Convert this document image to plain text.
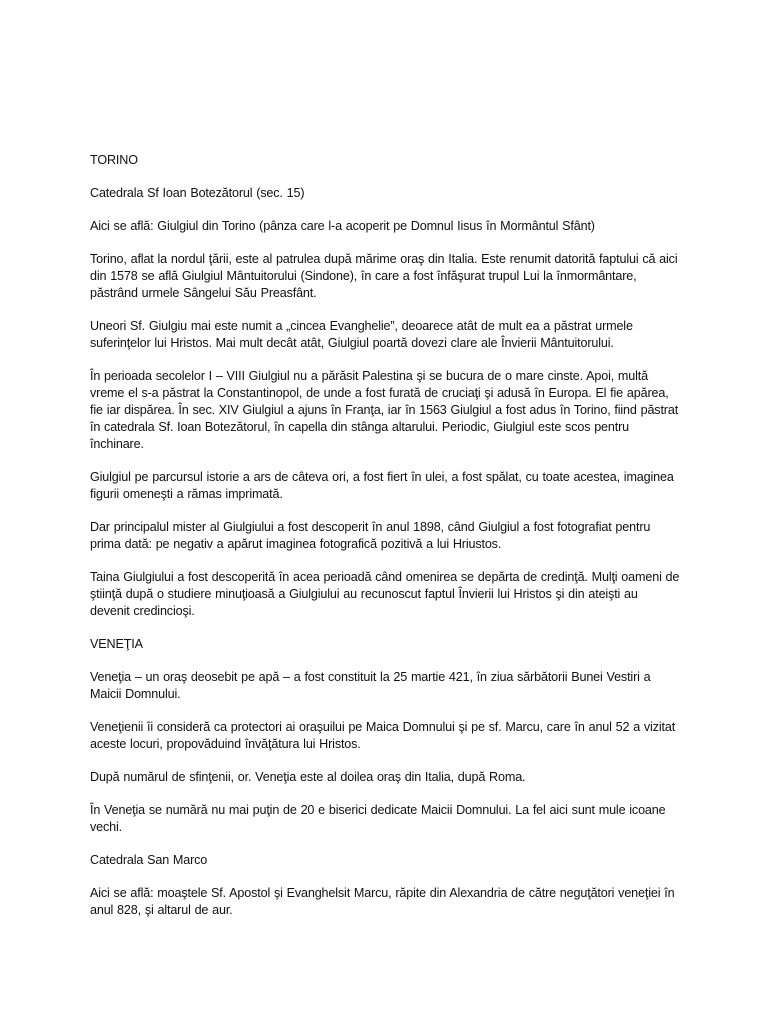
TORINO

Catedrala Sf Ioan Botezătorul (sec. 15)

Aici se află: Giulgiul din Torino (pânza care l-a acoperit pe Domnul Iisus în Mormântul Sfânt)

Torino, aflat la nordul ţării, este al patrulea după mărime oraş din Italia. Este renumit datorită faptului că aici din 1578 se află Giulgiul Mântuitorului (Sindone), în care a fost înfăşurat trupul Lui la înmormântare, păstrând urmele Sângelui Său Preasfânt.

Uneori Sf. Giulgiu mai este numit a „cincea Evanghelie”, deoarece atât de mult ea a păstrat urmele suferinţelor lui Hristos. Mai mult decât atât, Giulgiul poartă dovezi clare ale Învierii Mântuitorului.

În perioada secolelor I – VIII Giulgiul nu a părăsit Palestina şi se bucura de o mare cinste. Apoi, multă vreme el s-a păstrat la Constantinopol, de unde a fost furată de cruciaţi şi adusă în Europa. El fie apărea, fie iar dispărea. În sec. XIV Giulgiul a ajuns în Franţa, iar în 1563 Giulgiul a fost adus în Torino, fiind păstrat în catedrala Sf. Ioan Botezătorul, în capella din stânga altarului. Periodic, Giulgiul este scos pentru închinare.

Giulgiul pe parcursul istorie a ars de câteva ori, a fost fiert în ulei, a fost spălat, cu toate acestea, imaginea figurii omeneşti a rămas imprimată.

Dar principalul mister al Giulgiului a fost descoperit în anul 1898, când Giulgiul a fost fotografiat pentru prima dată: pe negativ a apărut imaginea fotografică pozitivă a lui Hriustos.

Taina Giulgiului a fost descoperită în acea perioadă când omenirea se depărta de credinţă. Mulţi oameni de ştiinţă după o studiere minuţioasă a Giulgiului au recunoscut faptul Învierii lui Hristos şi din ateişti au devenit credincioşi.

VENEŢIA

Veneţia – un oraş deosebit pe apă – a fost constituit la 25 martie 421, în ziua sărbătorii Bunei Vestiri a Maicii Domnului.

Veneţienii îi consideră ca protectori ai oraşuilui pe Maica Domnului şi pe sf. Marcu, care în anul 52 a vizitat aceste locuri, propovăduind învăţătura lui Hristos.

După numărul de sfinţenii, or. Veneţia este al doilea oraş din Italia, după Roma.

În Veneţia se numără nu mai puţin de 20 e biserici dedicate Maicii Domnului. La fel aici sunt mule icoane vechi.

Catedrala San Marco

Aici se află: moaştele Sf. Apostol şi Evanghelsit Marcu, răpite din Alexandria de către neguţători veneţiei în anul 828, şi altarul de aur.
